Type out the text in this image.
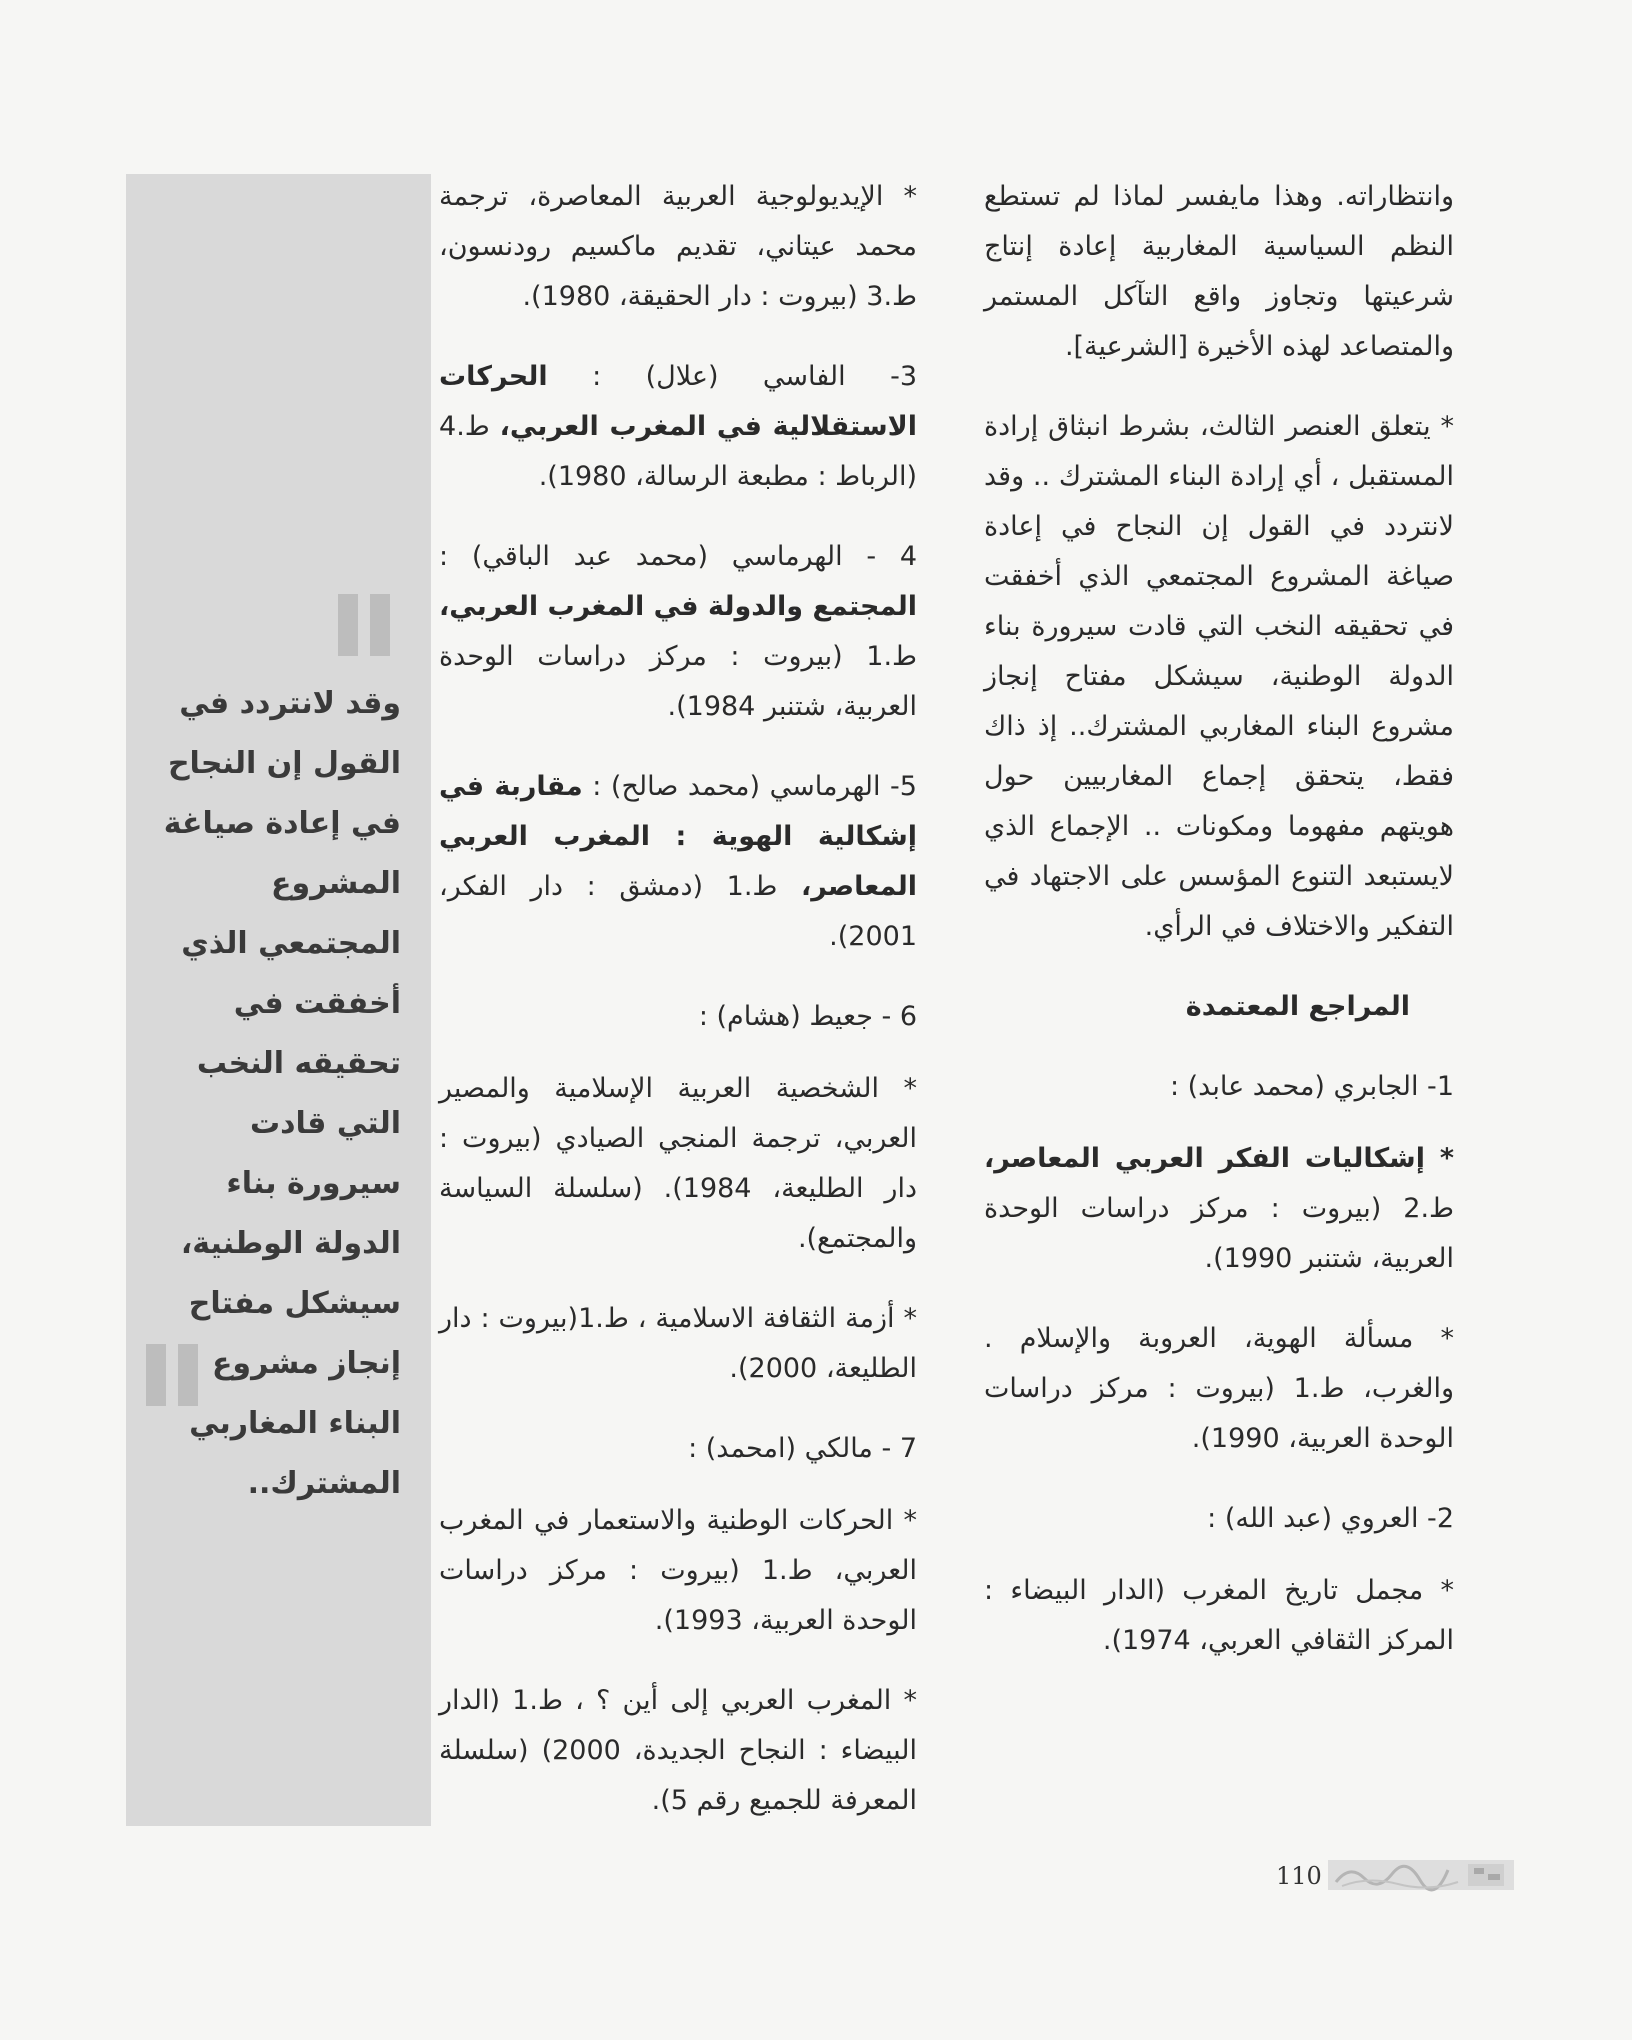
وانتظاراته. وهذا مايفسر لماذا لم تستطع النظم السياسية المغاربية إعادة إنتاج شرعيتها وتجاوز واقع التآكل المستمر والمتصاعد لهذه الأخيرة [الشرعية].

* يتعلق العنصر الثالث، بشرط انبثاق إرادة المستقبل ، أي إرادة البناء المشترك .. وقد لانتردد في القول إن النجاح في إعادة صياغة المشروع المجتمعي الذي أخفقت في تحقيقه النخب التي قادت سيرورة بناء الدولة الوطنية، سيشكل مفتاح إنجاز مشروع البناء المغاربي المشترك.. إذ ذاك فقط، يتحقق إجماع المغاربيين حول هويتهم مفهوما ومكونات .. الإجماع الذي لايستبعد التنوع المؤسس على الاجتهاد في التفكير والاختلاف في الرأي.

المراجع المعتمدة

1- الجابري (محمد عابد) :

* إشكاليات الفكر العربي المعاصر، ط.2 (بيروت : مركز دراسات الوحدة العربية، شتنبر 1990).

* مسألة الهوية، العروبة والإسلام . والغرب، ط.1 (بيروت : مركز دراسات الوحدة العربية، 1990).

2- العروي (عبد الله) :

* مجمل تاريخ المغرب (الدار البيضاء : المركز الثقافي العربي، 1974).

* الإيديولوجية العربية المعاصرة، ترجمة محمد عيتاني، تقديم ماكسيم رودنسون، ط.3 (بيروت : دار الحقيقة، 1980).

3- الفاسي (علال) : الحركات الاستقلالية في المغرب العربي، ط.4 (الرباط : مطبعة الرسالة، 1980).

4 - الهرماسي (محمد عبد الباقي) : المجتمع والدولة في المغرب العربي، ط.1 (بيروت : مركز دراسات الوحدة العربية، شتنبر 1984).

5- الهرماسي (محمد صالح) : مقاربة في إشكالية الهوية : المغرب العربي المعاصر، ط.1 (دمشق : دار الفكر، 2001).

6 - جعيط (هشام) :

* الشخصية العربية الإسلامية والمصير العربي، ترجمة المنجي الصيادي (بيروت : دار الطليعة، 1984). (سلسلة السياسة والمجتمع).

* أزمة الثقافة الاسلامية ، ط.1(بيروت : دار الطليعة، 2000).

7 - مالكي (امحمد) :

* الحركات الوطنية والاستعمار في المغرب العربي، ط.1 (بيروت : مركز دراسات الوحدة العربية، 1993).

* المغرب العربي إلى أين ؟ ، ط.1 (الدار البيضاء : النجاح الجديدة، 2000) (سلسلة المعرفة للجميع رقم 5).

وقد لانتردد في القول إن النجاح في إعادة صياغة المشروع المجتمعي الذي أخفقت في تحقيقه النخب التي قادت سيرورة بناء الدولة الوطنية، سيشكل مفتاح إنجاز مشروع البناء المغاربي المشترك..
110
